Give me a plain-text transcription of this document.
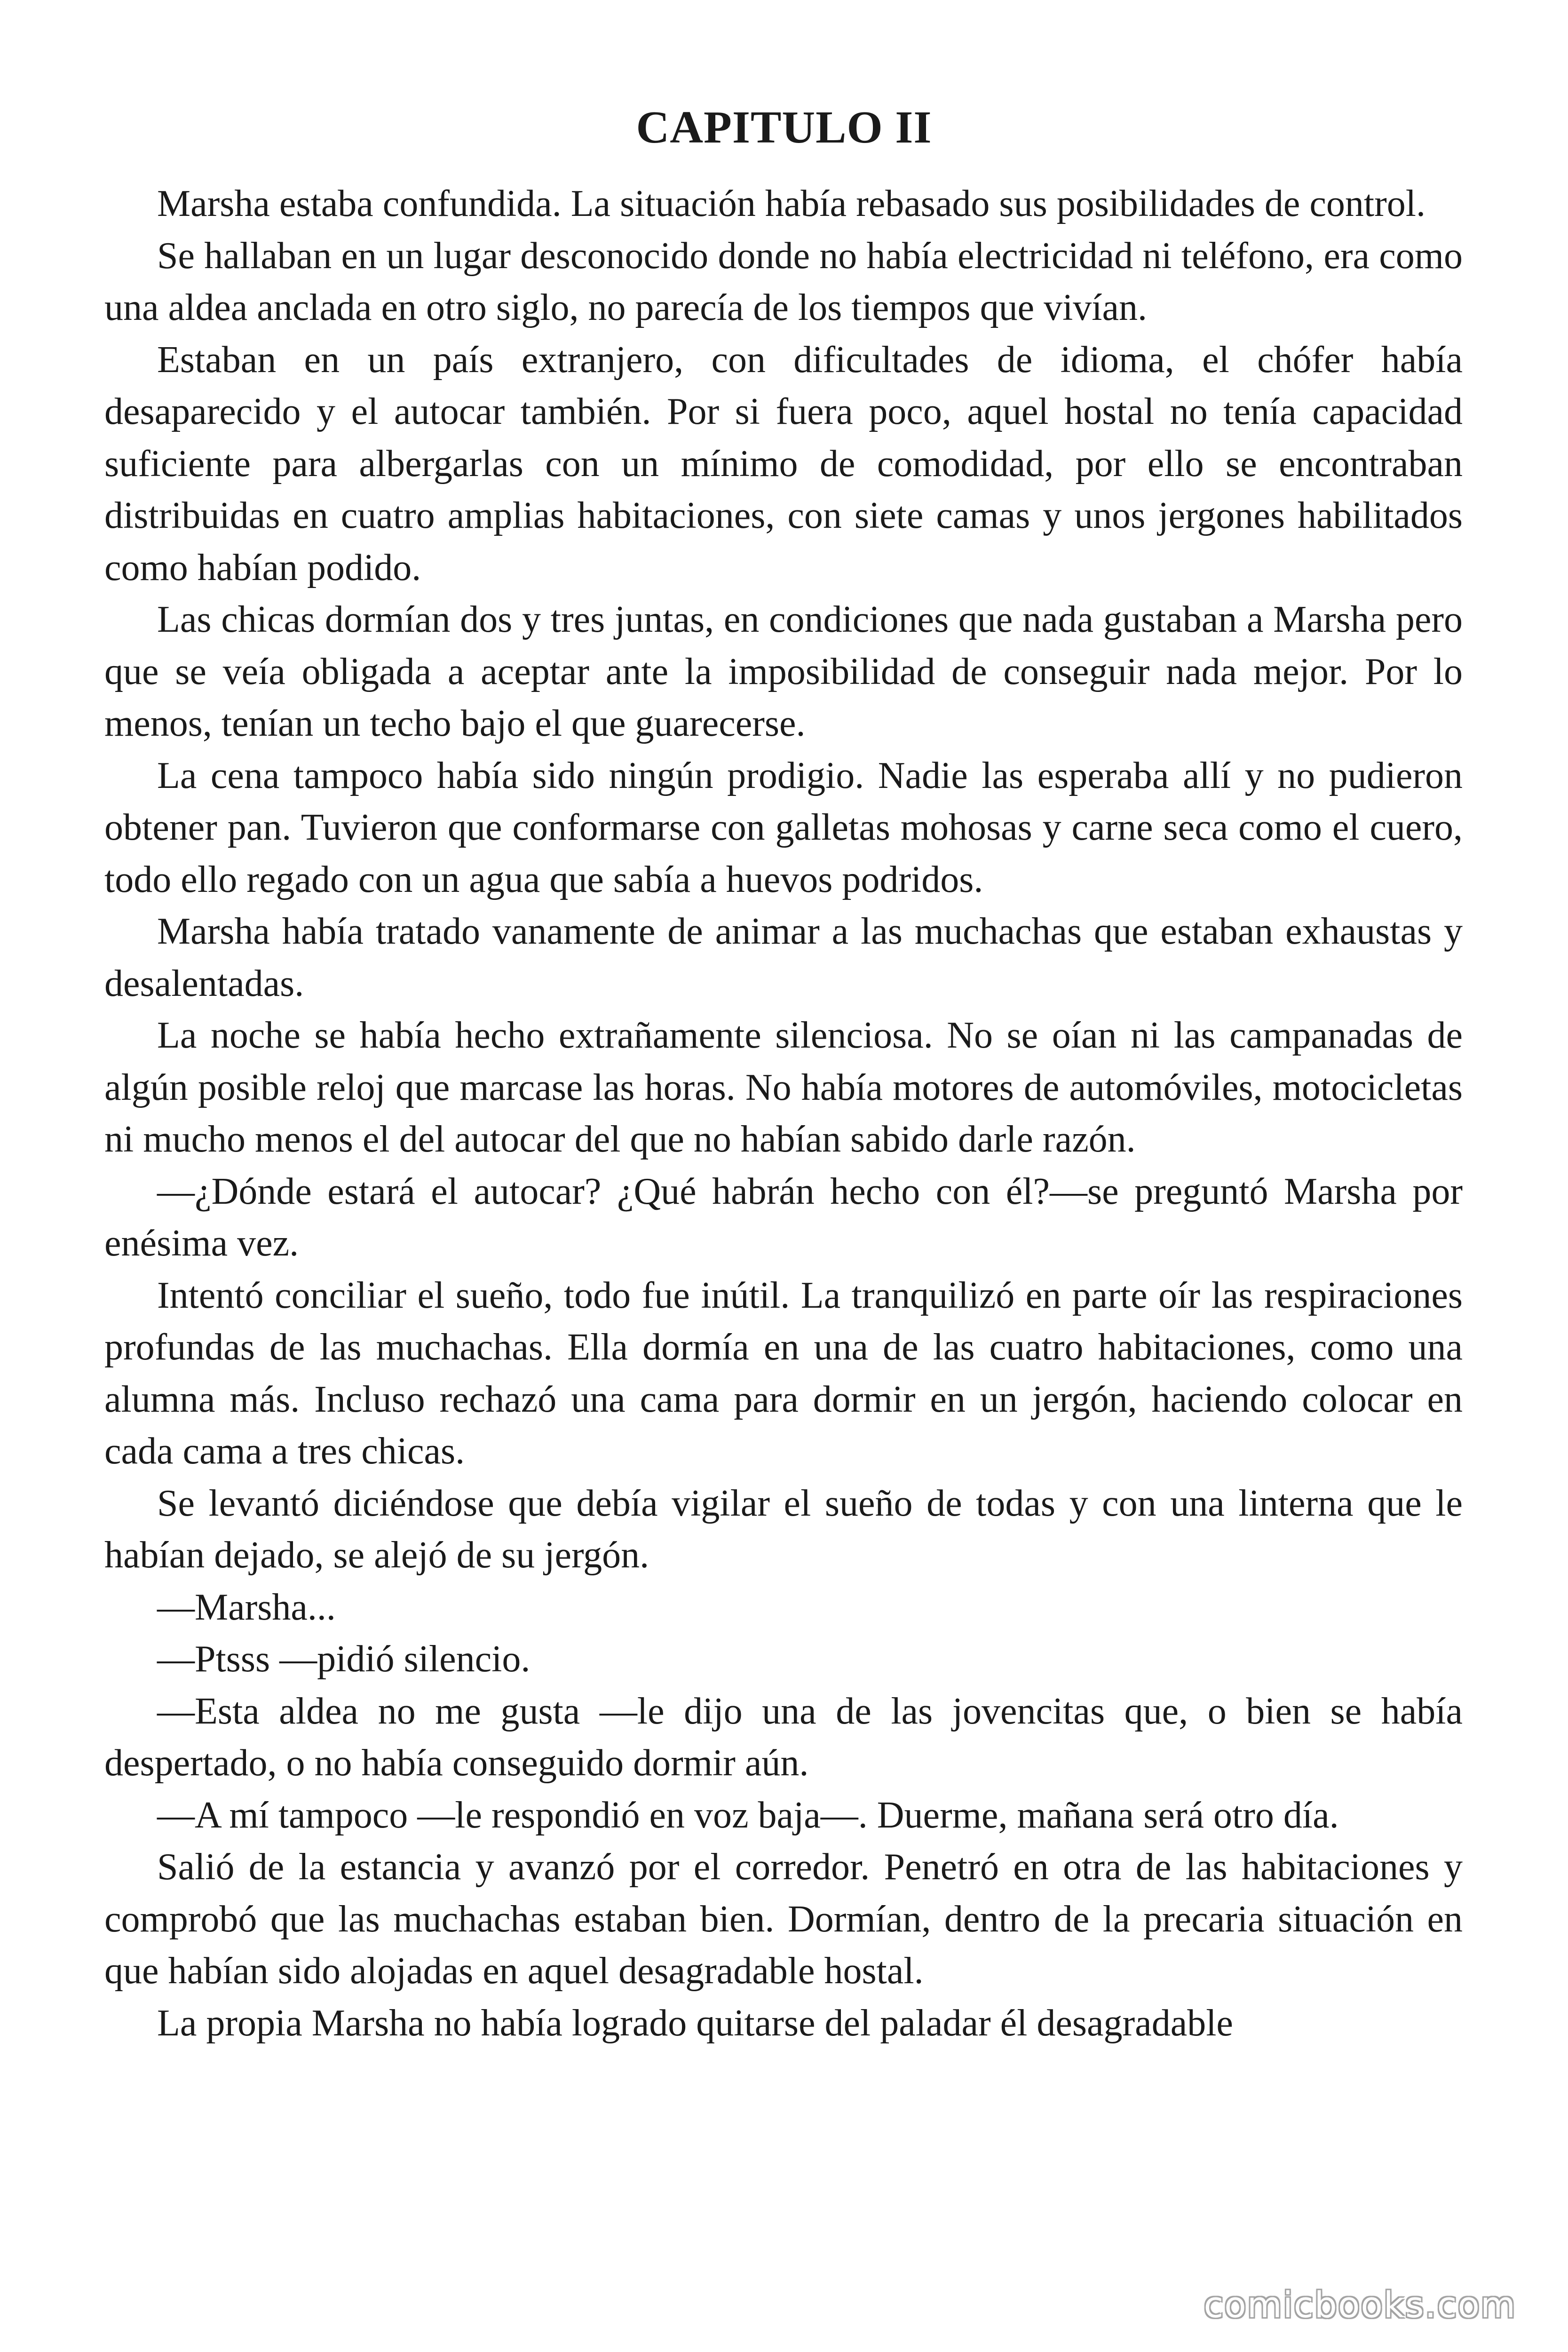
CAPITULO II

Marsha estaba confundida. La situación había rebasado sus posibilidades de control.

Se hallaban en un lugar desconocido donde no había electricidad ni teléfono, era como una aldea anclada en otro siglo, no parecía de los tiempos que vivían.

Estaban en un país extranjero, con dificultades de idioma, el chófer había desaparecido y el autocar también. Por si fuera poco, aquel hostal no tenía capacidad suficiente para albergarlas con un mínimo de comodidad, por ello se encontraban distribuidas en cuatro amplias habitaciones, con siete camas y unos jergones habilitados como habían podido.

Las chicas dormían dos y tres juntas, en condiciones que nada gustaban a Marsha pero que se veía obligada a aceptar ante la imposibilidad de conseguir nada mejor. Por lo menos, tenían un techo bajo el que guarecerse.

La cena tampoco había sido ningún prodigio. Nadie las esperaba allí y no pudieron obtener pan. Tuvieron que conformarse con galletas mohosas y carne seca como el cuero, todo ello regado con un agua que sabía a huevos podridos.

Marsha había tratado vanamente de animar a las muchachas que estaban exhaustas y desalentadas.

La noche se había hecho extrañamente silenciosa. No se oían ni las campanadas de algún posible reloj que marcase las horas. No había motores de automóviles, motocicletas ni mucho menos el del autocar del que no habían sabido darle razón.

—¿Dónde estará el autocar? ¿Qué habrán hecho con él?—se preguntó Marsha por enésima vez.

Intentó conciliar el sueño, todo fue inútil. La tranquilizó en parte oír las respiraciones profundas de las muchachas. Ella dormía en una de las cuatro habitaciones, como una alumna más. Incluso rechazó una cama para dormir en un jergón, haciendo colocar en cada cama a tres chicas.

Se levantó diciéndose que debía vigilar el sueño de todas y con una linterna que le habían dejado, se alejó de su jergón.

—Marsha...

—Ptsss —pidió silencio.

—Esta aldea no me gusta —le dijo una de las jovencitas que, o bien se había despertado, o no había conseguido dormir aún.

—A mí tampoco —le respondió en voz baja—. Duerme, mañana será otro día.

Salió de la estancia y avanzó por el corredor. Penetró en otra de las habitaciones y comprobó que las muchachas estaban bien. Dormían, dentro de la precaria situación en que habían sido alojadas en aquel desagradable hostal.

La propia Marsha no había logrado quitarse del paladar él desagradable

comicbooks.com
